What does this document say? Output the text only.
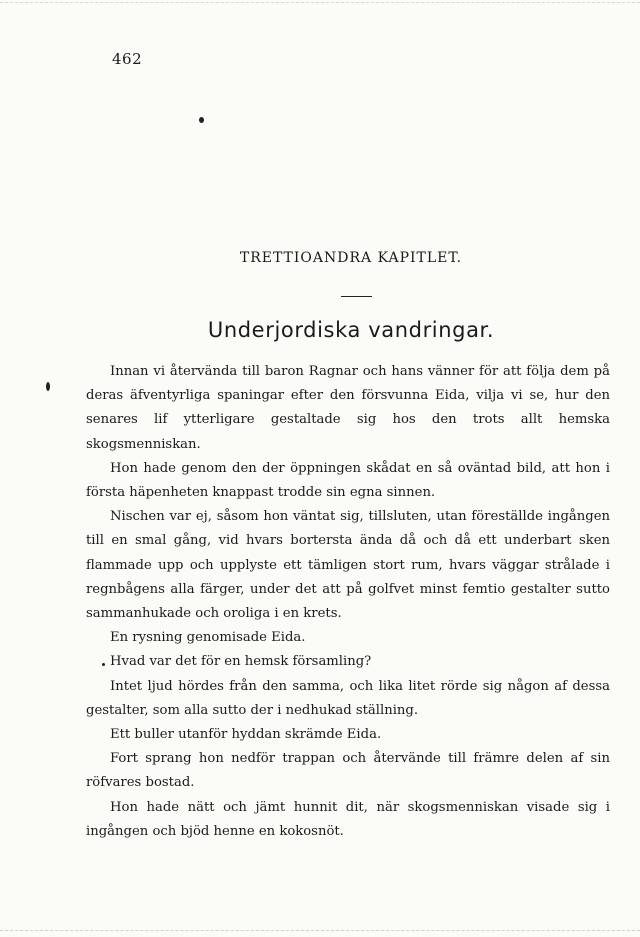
462
TRETTIOANDRA KAPITLET.
Underjordiska vandringar.

Innan vi återvända till baron Ragnar och hans vänner för att följa dem på deras äfventyrliga spaningar efter den försvunna Eida, vilja vi se, hur den senares lif ytterligare gestaltade sig hos den trots allt hemska skogsmenniskan.

Hon hade genom den der öppningen skådat en så oväntad bild, att hon i första häpenheten knappast trodde sin egna sinnen.

Nischen var ej, såsom hon väntat sig, tillsluten, utan föreställde ingången till en smal gång, vid hvars bortersta ända då och då ett underbart sken flammade upp och upplyste ett tämligen stort rum, hvars väggar strålade i regnbågens alla färger, under det att på golfvet minst femtio gestalter sutto sammanhukade och oroliga i en krets.

En rysning genomisade Eida.

Hvad var det för en hemsk församling?

Intet ljud hördes från den samma, och lika litet rörde sig någon af dessa gestalter, som alla sutto der i nedhukad ställning.

Ett buller utanför hyddan skrämde Eida.

Fort sprang hon nedför trappan och återvände till främre delen af sin röfvares bostad.

Hon hade nätt och jämt hunnit dit, när skogsmenniskan visade sig i ingången och bjöd henne en kokosnöt.
